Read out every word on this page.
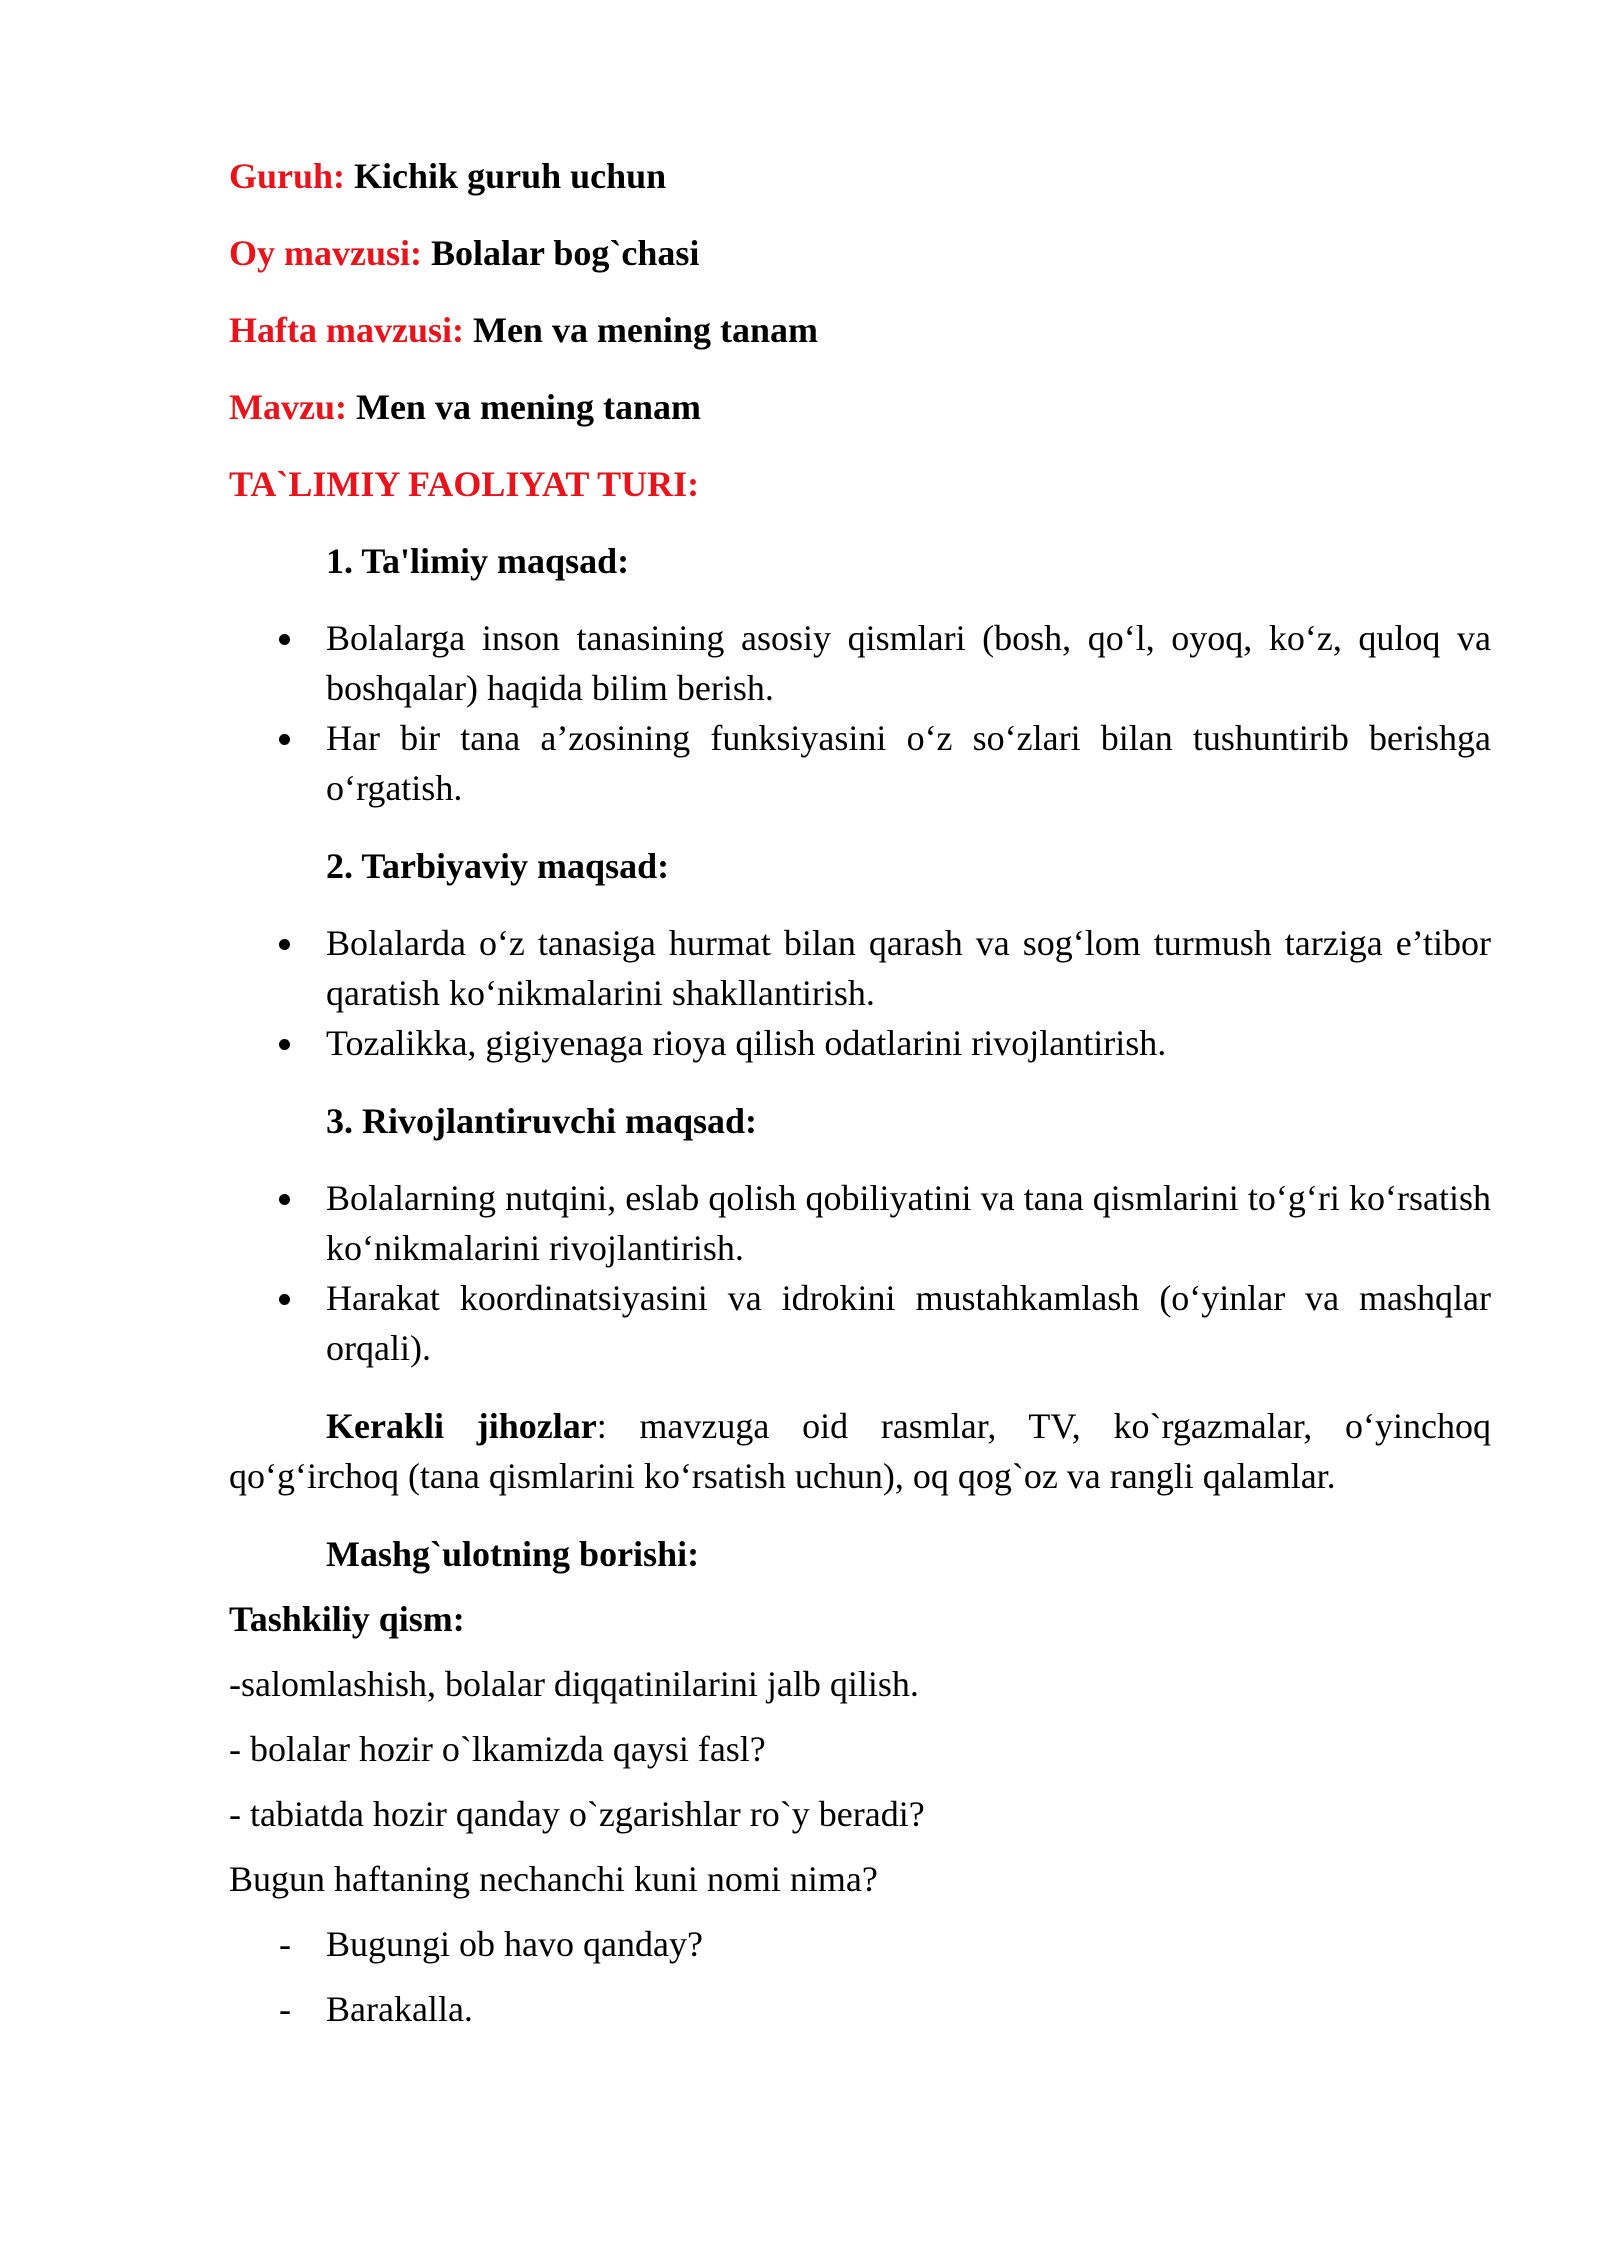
Guruh: Kichik guruh uchun
Oy mavzusi: Bolalar bog`chasi
Hafta mavzusi: Men va mening tanam
Mavzu: Men va mening tanam
TA`LIMIY FAOLIYAT TURI:
1. Ta'limiy maqsad:
Bolalarga inson tanasining asosiy qismlari (bosh, qo‘l, oyoq, ko‘z, quloq va boshqalar) haqida bilim berish.
Har bir tana a’zosining funksiyasini o‘z so‘zlari bilan tushuntirib berishga o‘rgatish.
2. Tarbiyaviy maqsad:
Bolalarda o‘z tanasiga hurmat bilan qarash va sog‘lom turmush tarziga e’tibor qaratish ko‘nikmalarini shakllantirish.
Tozalikka, gigiyenaga rioya qilish odatlarini rivojlantirish.
3. Rivojlantiruvchi maqsad:
Bolalarning nutqini, eslab qolish qobiliyatini va tana qismlarini to‘g‘ri ko‘rsatish ko‘nikmalarini rivojlantirish.
Harakat koordinatsiyasini va idrokini mustahkamlash (o‘yinlar va mashqlar orqali).
Kerakli jihozlar: mavzuga oid rasmlar, TV, ko`rgazmalar, o‘yinchoq qo‘g‘irchoq (tana qismlarini ko‘rsatish uchun), oq qog`oz va rangli qalamlar.
Mashg`ulotning borishi:
Tashkiliy qism:
-salomlashish, bolalar diqqatinilarini jalb qilish.
- bolalar hozir o`lkamizda qaysi fasl?
- tabiatda hozir qanday o`zgarishlar ro`y beradi?
Bugun haftaning nechanchi kuni nomi nima?
- Bugungi ob havo qanday?
- Barakalla.
